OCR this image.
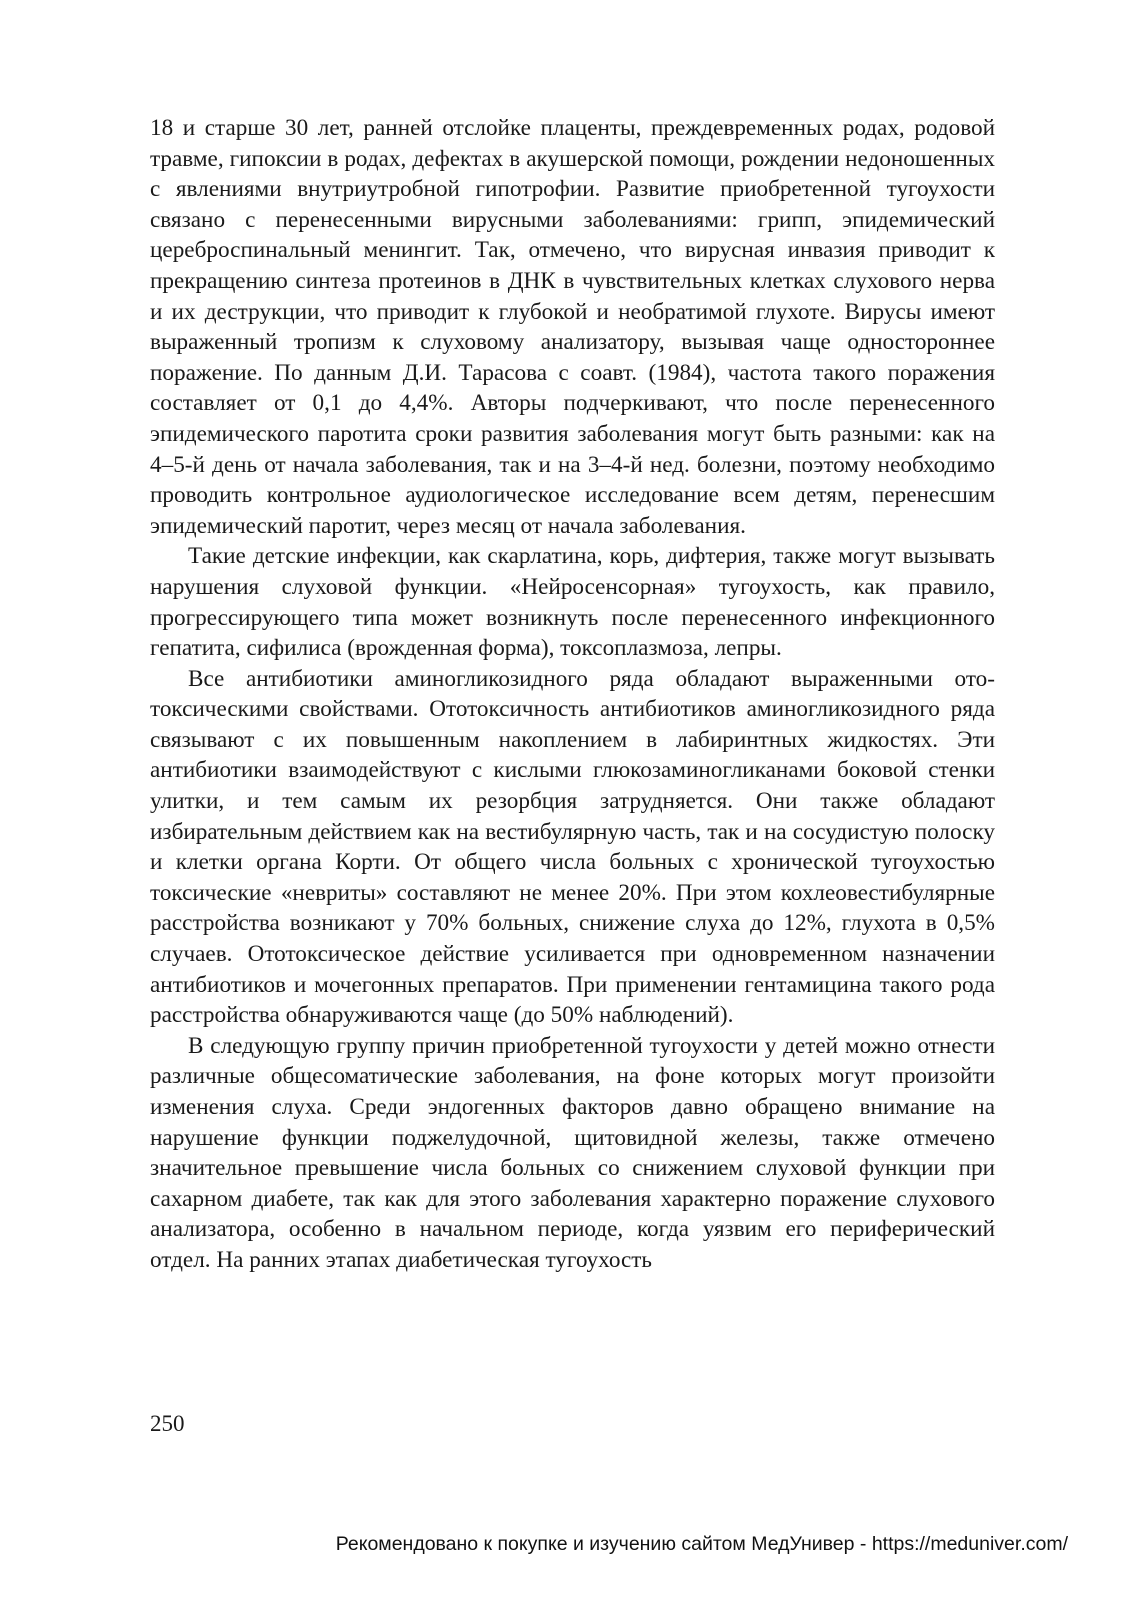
18 и старше 30 лет, ранней отслойке плаценты, преждевременных родах, родовой травме, гипоксии в родах, дефектах в акушерской помощи, рождении недоношенных с явлениями внутриутробной гипотрофии. Развитие приобретенной тугоухости связано с перенесенными вирусными заболеваниями: грипп, эпидемический цереброспинальный менингит. Так, отмечено, что вирусная инвазия приводит к прекращению синтеза протеинов в ДНК в чувствительных клетках слухового нерва и их деструкции, что приводит к глубокой и необратимой глухоте. Вирусы имеют выраженный тропизм к слуховому анализатору, вызывая чаще одностороннее поражение. По данным Д.И. Тарасова с соавт. (1984), частота такого поражения составляет от 0,1 до 4,4%. Авторы подчеркивают, что после перенесенного эпидемического паротита сроки развития заболевания могут быть разными: как на 4–5-й день от начала заболевания, так и на 3–4-й нед. болезни, поэтому необходимо проводить контрольное аудиологическое исследование всем детям, перенесшим эпидемический паротит, через месяц от начала заболевания.

Такие детские инфекции, как скарлатина, корь, дифтерия, также могут вызывать нарушения слуховой функции. «Нейросенсорная» тугоухость, как правило, прогрессирующего типа может возникнуть после перенесенного инфекционного гепатита, сифилиса (врожденная форма), токсоплазмоза, лепры.

Все антибиотики аминогликозидного ряда обладают выраженными ототоксическими свойствами. Ототоксичность антибиотиков аминогликозидного ряда связывают с их повышенным накоплением в лабиринтных жидкостях. Эти антибиотики взаимодействуют с кислыми глюкозаминогликанами боковой стенки улитки, и тем самым их резорбция затрудняется. Они также обладают избирательным действием как на вестибулярную часть, так и на сосудистую полоску и клетки органа Корти. От общего числа больных с хронической тугоухостью токсические «невриты» составляют не менее 20%. При этом кохлеовестибулярные расстройства возникают у 70% больных, снижение слуха до 12%, глухота в 0,5% случаев. Ототоксическое действие усиливается при одновременном назначении антибиотиков и мочегонных препаратов. При применении гентамицина такого рода расстройства обнаруживаются чаще (до 50% наблюдений).

В следующую группу причин приобретенной тугоухости у детей можно отнести различные общесоматические заболевания, на фоне которых могут произойти изменения слуха. Среди эндогенных факторов давно обращено внимание на нарушение функции поджелудочной, щитовидной железы, также отмечено значительное превышение числа больных со снижением слуховой функции при сахарном диабете, так как для этого заболевания характерно поражение слухового анализатора, особенно в начальном периоде, когда уязвим его периферический отдел. На ранних этапах диабетическая тугоухость

250
Рекомендовано к покупке и изучению сайтом МедУнивер - https://meduniver.com/
